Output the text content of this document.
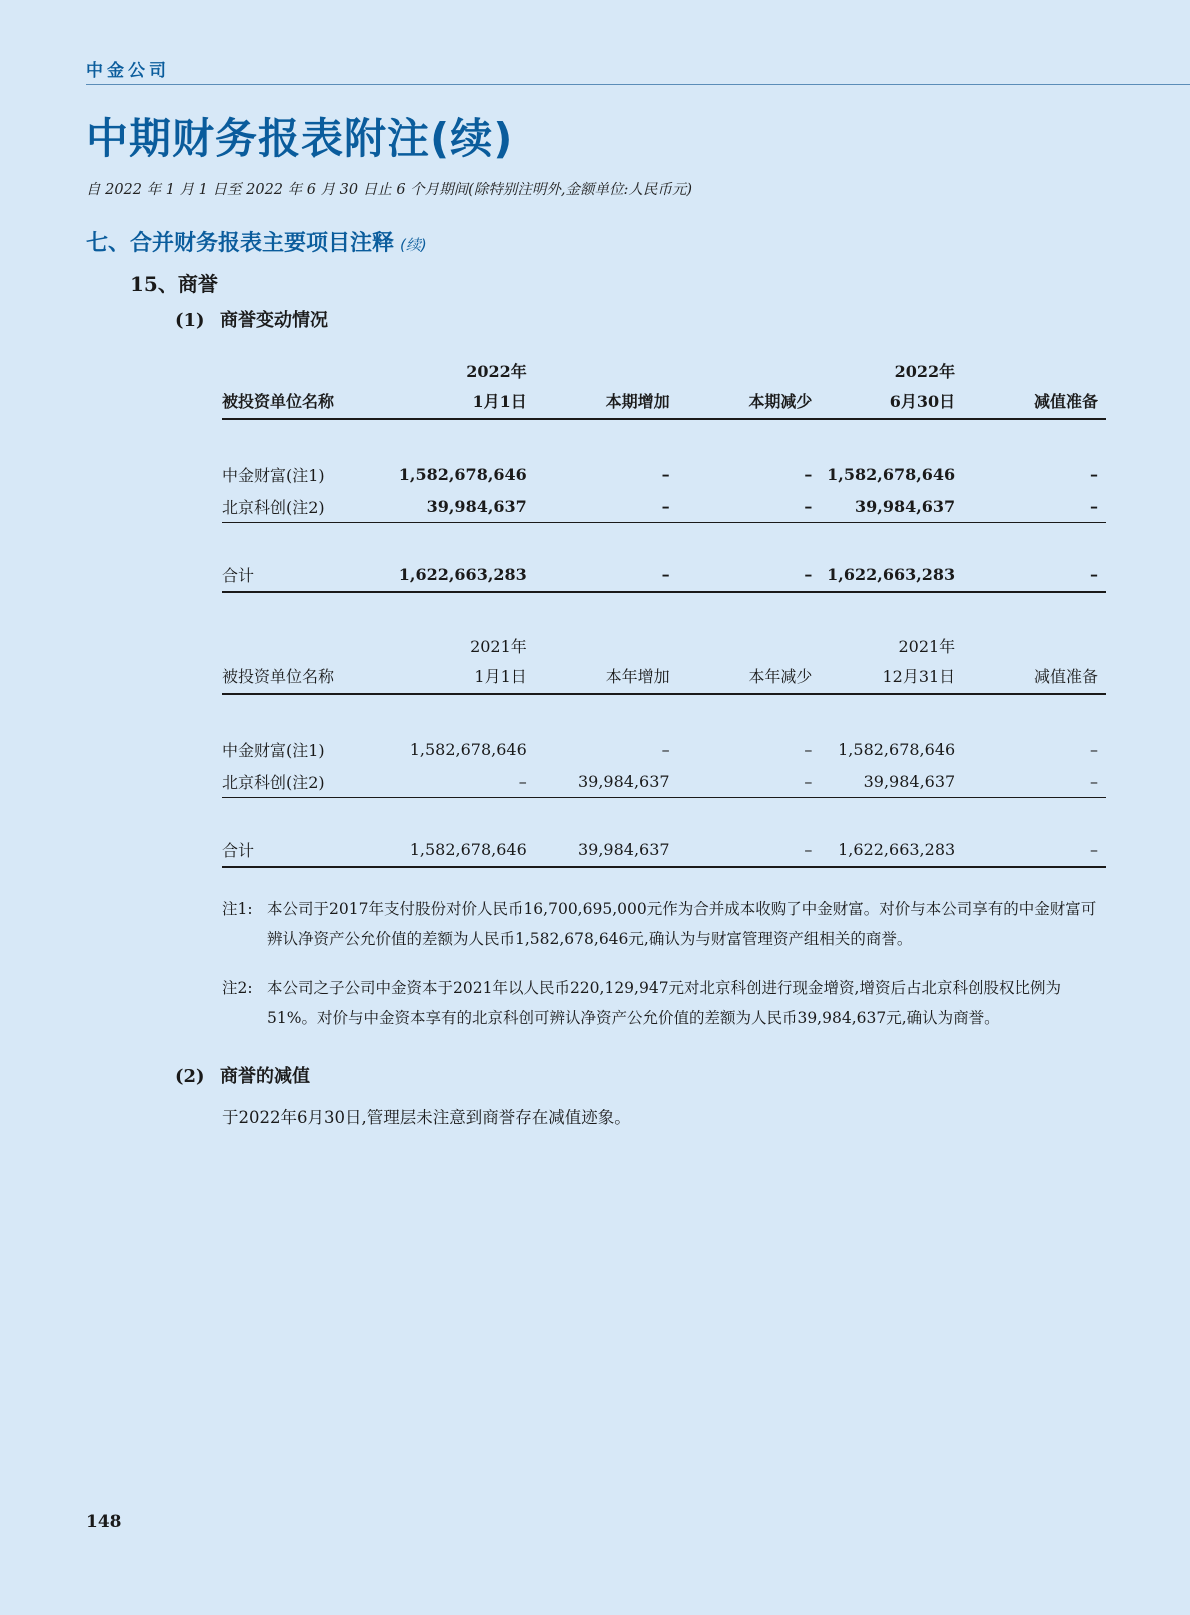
中金公司
中期财务报表附注(续)
自 2022 年 1 月 1 日至 2022 年 6 月 30 日止 6 个月期间(除特别注明外,金额单位:人民币元)
七、合并财务报表主要项目注释 (续)
15、商誉
(1) 商誉变动情况
	2022年			2022年	
被投资单位名称	1月1日	本期增加	本期减少	6月30日	减值准备

中金财富(注1)	1,582,678,646	–	–	1,582,678,646	–
北京科创(注2)	39,984,637	–	–	39,984,637	–

合计	1,622,663,283	–	–	1,622,663,283	–
	2021年			2021年	
被投资单位名称	1月1日	本年增加	本年减少	12月31日	减值准备

中金财富(注1)	1,582,678,646	–	–	1,582,678,646	–
北京科创(注2)	–	39,984,637	–	39,984,637	–

合计	1,582,678,646	39,984,637	–	1,622,663,283	–
注1: 本公司于2017年支付股份对价人民币16,700,695,000元作为合并成本收购了中金财富。对价与本公司享有的中金财富可辨认净资产公允价值的差额为人民币1,582,678,646元,确认为与财富管理资产组相关的商誉。
注2: 本公司之子公司中金资本于2021年以人民币220,129,947元对北京科创进行现金增资,增资后占北京科创股权比例为51%。对价与中金资本享有的北京科创可辨认净资产公允价值的差额为人民币39,984,637元,确认为商誉。
(2) 商誉的减值
于2022年6月30日,管理层未注意到商誉存在减值迹象。
148
